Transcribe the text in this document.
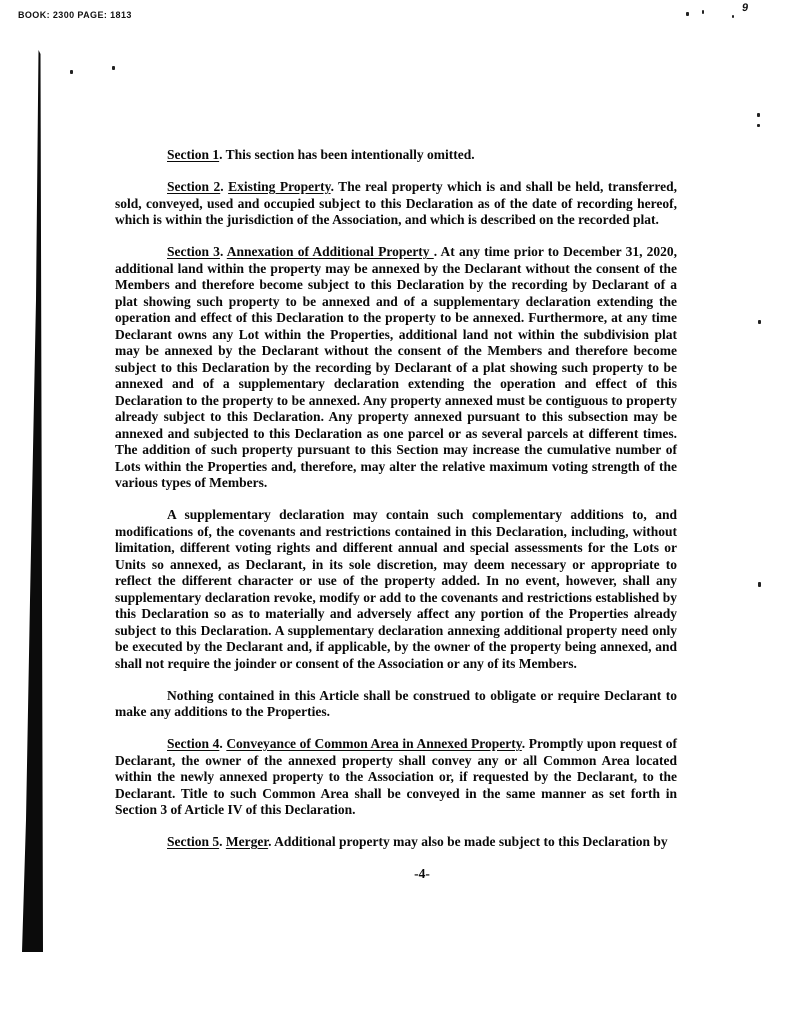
BOOK: 2300 PAGE: 1813
9

Section 1. This section has been intentionally omitted.

Section 2. Existing Property. The real property which is and shall be held, transferred, sold, conveyed, used and occupied subject to this Declaration as of the date of recording hereof, which is within the jurisdiction of the Association, and which is described on the recorded plat.

Section 3. Annexation of Additional Property . At any time prior to December 31, 2020, additional land within the property may be annexed by the Declarant without the consent of the Members and therefore become subject to this Declaration by the recording by Declarant of a plat showing such property to be annexed and of a supplementary declaration extending the operation and effect of this Declaration to the property to be annexed. Furthermore, at any time Declarant owns any Lot within the Properties, additional land not within the subdivision plat may be annexed by the Declarant without the consent of the Members and therefore become subject to this Declaration by the recording by Declarant of a plat showing such property to be annexed and of a supplementary declaration extending the operation and effect of this Declaration to the property to be annexed. Any property annexed must be contiguous to property already subject to this Declaration. Any property annexed pursuant to this subsection may be annexed and subjected to this Declaration as one parcel or as several parcels at different times. The addition of such property pursuant to this Section may increase the cumulative number of Lots within the Properties and, therefore, may alter the relative maximum voting strength of the various types of Members.

A supplementary declaration may contain such complementary additions to, and modifications of, the covenants and restrictions contained in this Declaration, including, without limitation, different voting rights and different annual and special assessments for the Lots or Units so annexed, as Declarant, in its sole discretion, may deem necessary or appropriate to reflect the different character or use of the property added. In no event, however, shall any supplementary declaration revoke, modify or add to the covenants and restrictions established by this Declaration so as to materially and adversely affect any portion of the Properties already subject to this Declaration. A supplementary declaration annexing additional property need only be executed by the Declarant and, if applicable, by the owner of the property being annexed, and shall not require the joinder or consent of the Association or any of its Members.

Nothing contained in this Article shall be construed to obligate or require Declarant to make any additions to the Properties.

Section 4. Conveyance of Common Area in Annexed Property. Promptly upon request of Declarant, the owner of the annexed property shall convey any or all Common Area located within the newly annexed property to the Association or, if requested by the Declarant, to the Declarant. Title to such Common Area shall be conveyed in the same manner as set forth in Section 3 of Article IV of this Declaration.

Section 5. Merger. Additional property may also be made subject to this Declaration by

-4-
